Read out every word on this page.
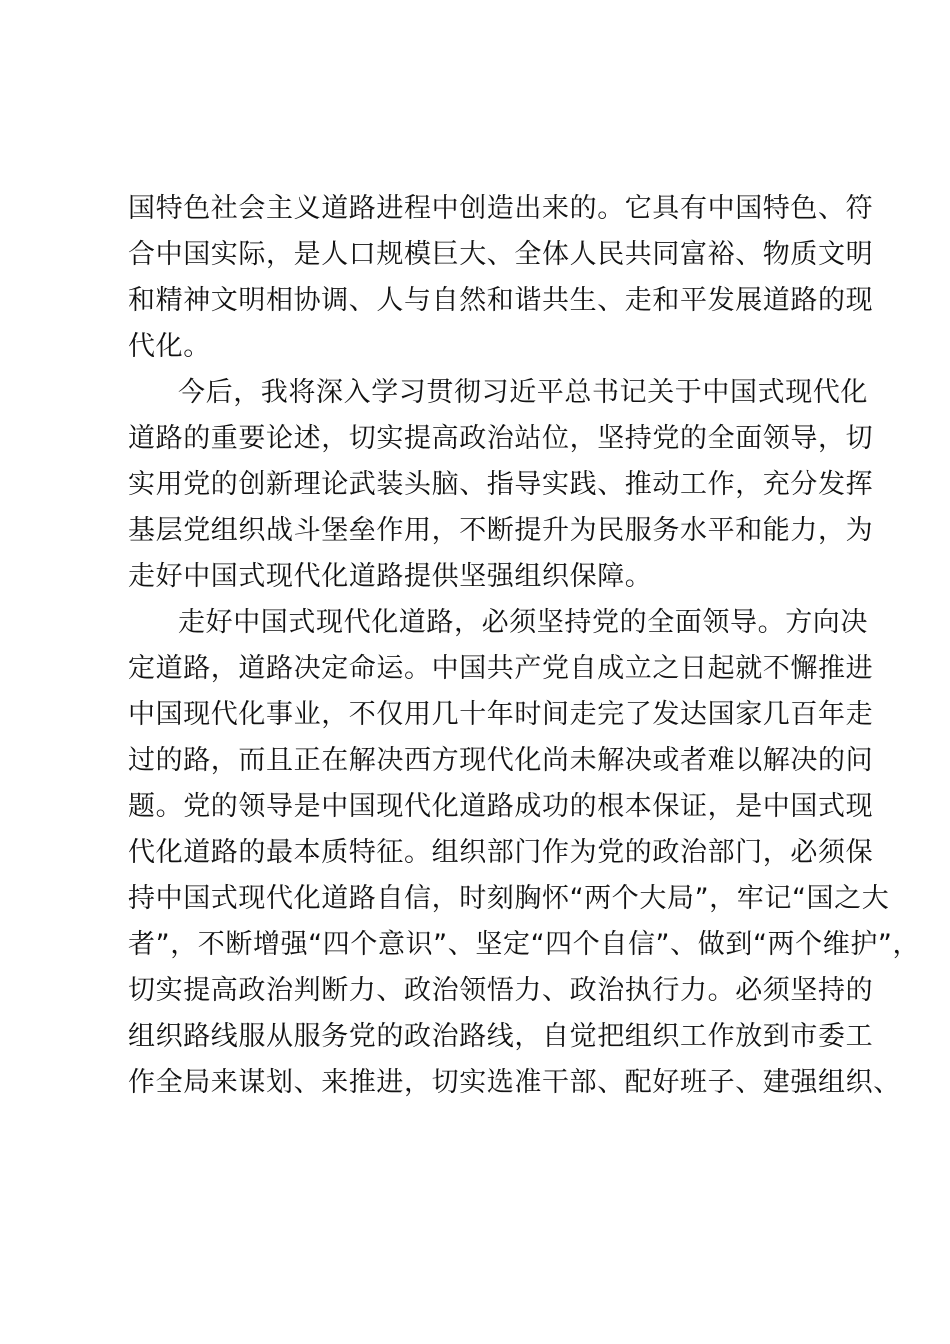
国特色社会主义道路进程中创造出来的。它具有中国特色、符
合中国实际，是人口规模巨大、全体人民共同富裕、物质文明
和精神文明相协调、人与自然和谐共生、走和平发展道路的现
代化。
今后，我将深入学习贯彻习近平总书记关于中国式现代化
道路的重要论述，切实提高政治站位，坚持党的全面领导，切
实用党的创新理论武装头脑、指导实践、推动工作，充分发挥
基层党组织战斗堡垒作用，不断提升为民服务水平和能力，为
走好中国式现代化道路提供坚强组织保障。
走好中国式现代化道路，必须坚持党的全面领导。方向决
定道路，道路决定命运。中国共产党自成立之日起就不懈推进
中国现代化事业，不仅用几十年时间走完了发达国家几百年走
过的路，而且正在解决西方现代化尚未解决或者难以解决的问
题。党的领导是中国现代化道路成功的根本保证，是中国式现
代化道路的最本质特征。组织部门作为党的政治部门，必须保
持中国式现代化道路自信，时刻胸怀“两个大局”，牢记“国之大
者”，不断增强“四个意识”、坚定“四个自信”、做到“两个维护”，
切实提高政治判断力、政治领悟力、政治执行力。必须坚持的
组织路线服从服务党的政治路线，自觉把组织工作放到市委工
作全局来谋划、来推进，切实选准干部、配好班子、建强组织、
